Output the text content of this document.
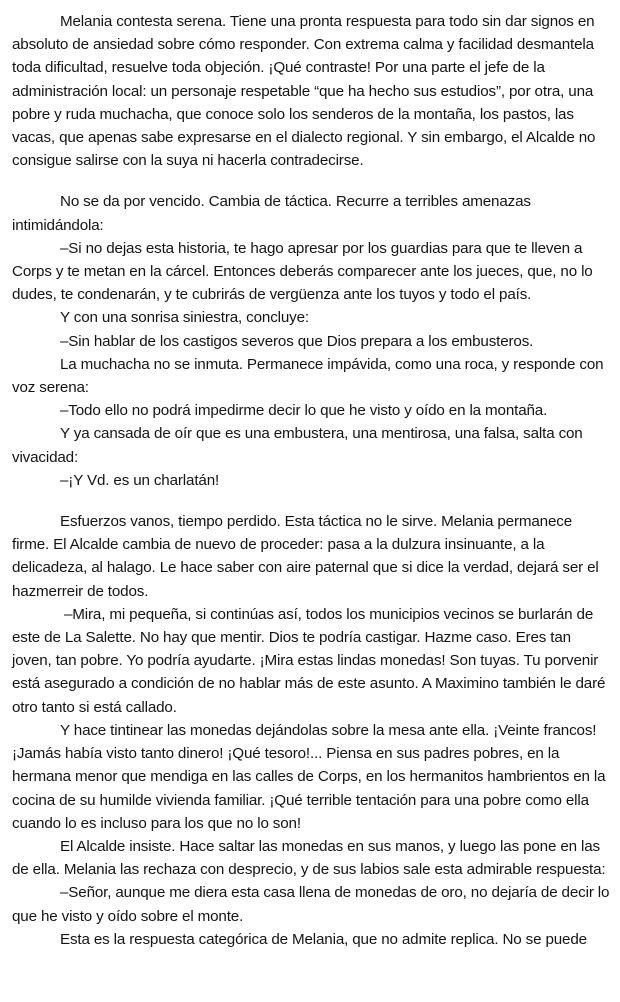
Melania contesta serena. Tiene una pronta respuesta para todo sin dar signos en absoluto de ansiedad sobre cómo responder. Con extrema calma y facilidad desmantela toda dificultad, resuelve toda objeción. ¡Qué contraste! Por una parte el jefe de la administración local: un personaje respetable “que ha hecho sus estudios”, por otra, una pobre y ruda muchacha, que conoce solo los senderos de la montaña, los pastos, las vacas, que apenas sabe expresarse en el dialecto regional. Y sin embargo, el Alcalde no consigue salirse con la suya ni hacerla contradecirse.

No se da por vencido. Cambia de táctica. Recurre a terribles amenazas intimidándola:

–Si no dejas esta historia, te hago apresar por los guardias para que te lleven a Corps y te metan en la cárcel. Entonces deberás comparecer ante los jueces, que, no lo dudes, te condenarán, y te cubrirás de vergüenza ante los tuyos y todo el país.

Y con una sonrisa siniestra, concluye:

–Sin hablar de los castigos severos que Dios prepara a los embusteros.

La muchacha no se inmuta. Permanece impávida, como una roca, y responde con voz serena:

–Todo ello no podrá impedirme decir lo que he visto y oído en la montaña.

Y ya cansada de oír que es una embustera, una mentirosa, una falsa, salta con vivacidad:

–¡Y Vd. es un charlatán!

Esfuerzos vanos, tiempo perdido. Esta táctica no le sirve. Melania permanece firme. El Alcalde cambia de nuevo de proceder: pasa a la dulzura insinuante, a la delicadeza, al halago. Le hace saber con aire paternal que si dice la verdad, dejará ser el hazmerreir de todos.

–Mira, mi pequeña, si continúas así, todos los municipios vecinos se burlarán de este de La Salette. No hay que mentir. Dios te podría castigar. Hazme caso. Eres tan joven, tan pobre. Yo podría ayudarte. ¡Mira estas lindas monedas! Son tuyas. Tu porvenir está asegurado a condición de no hablar más de este asunto. A Maximino también le daré otro tanto si está callado.

Y hace tintinear las monedas dejándolas sobre la mesa ante ella. ¡Veinte francos! ¡Jamás había visto tanto dinero! ¡Qué tesoro!... Piensa en sus padres pobres, en la hermana menor que mendiga en las calles de Corps, en los hermanitos hambrientos en la cocina de su humilde vivienda familiar. ¡Qué terrible tentación para una pobre como ella cuando lo es incluso para los que no lo son!

El Alcalde insiste. Hace saltar las monedas en sus manos, y luego las pone en las de ella. Melania las rechaza con desprecio, y de sus labios sale esta admirable respuesta:

–Señor, aunque me diera esta casa llena de monedas de oro, no dejaría de decir lo que he visto y oído sobre el monte.

Esta es la respuesta categórica de Melania, que no admite replica. No se puede
